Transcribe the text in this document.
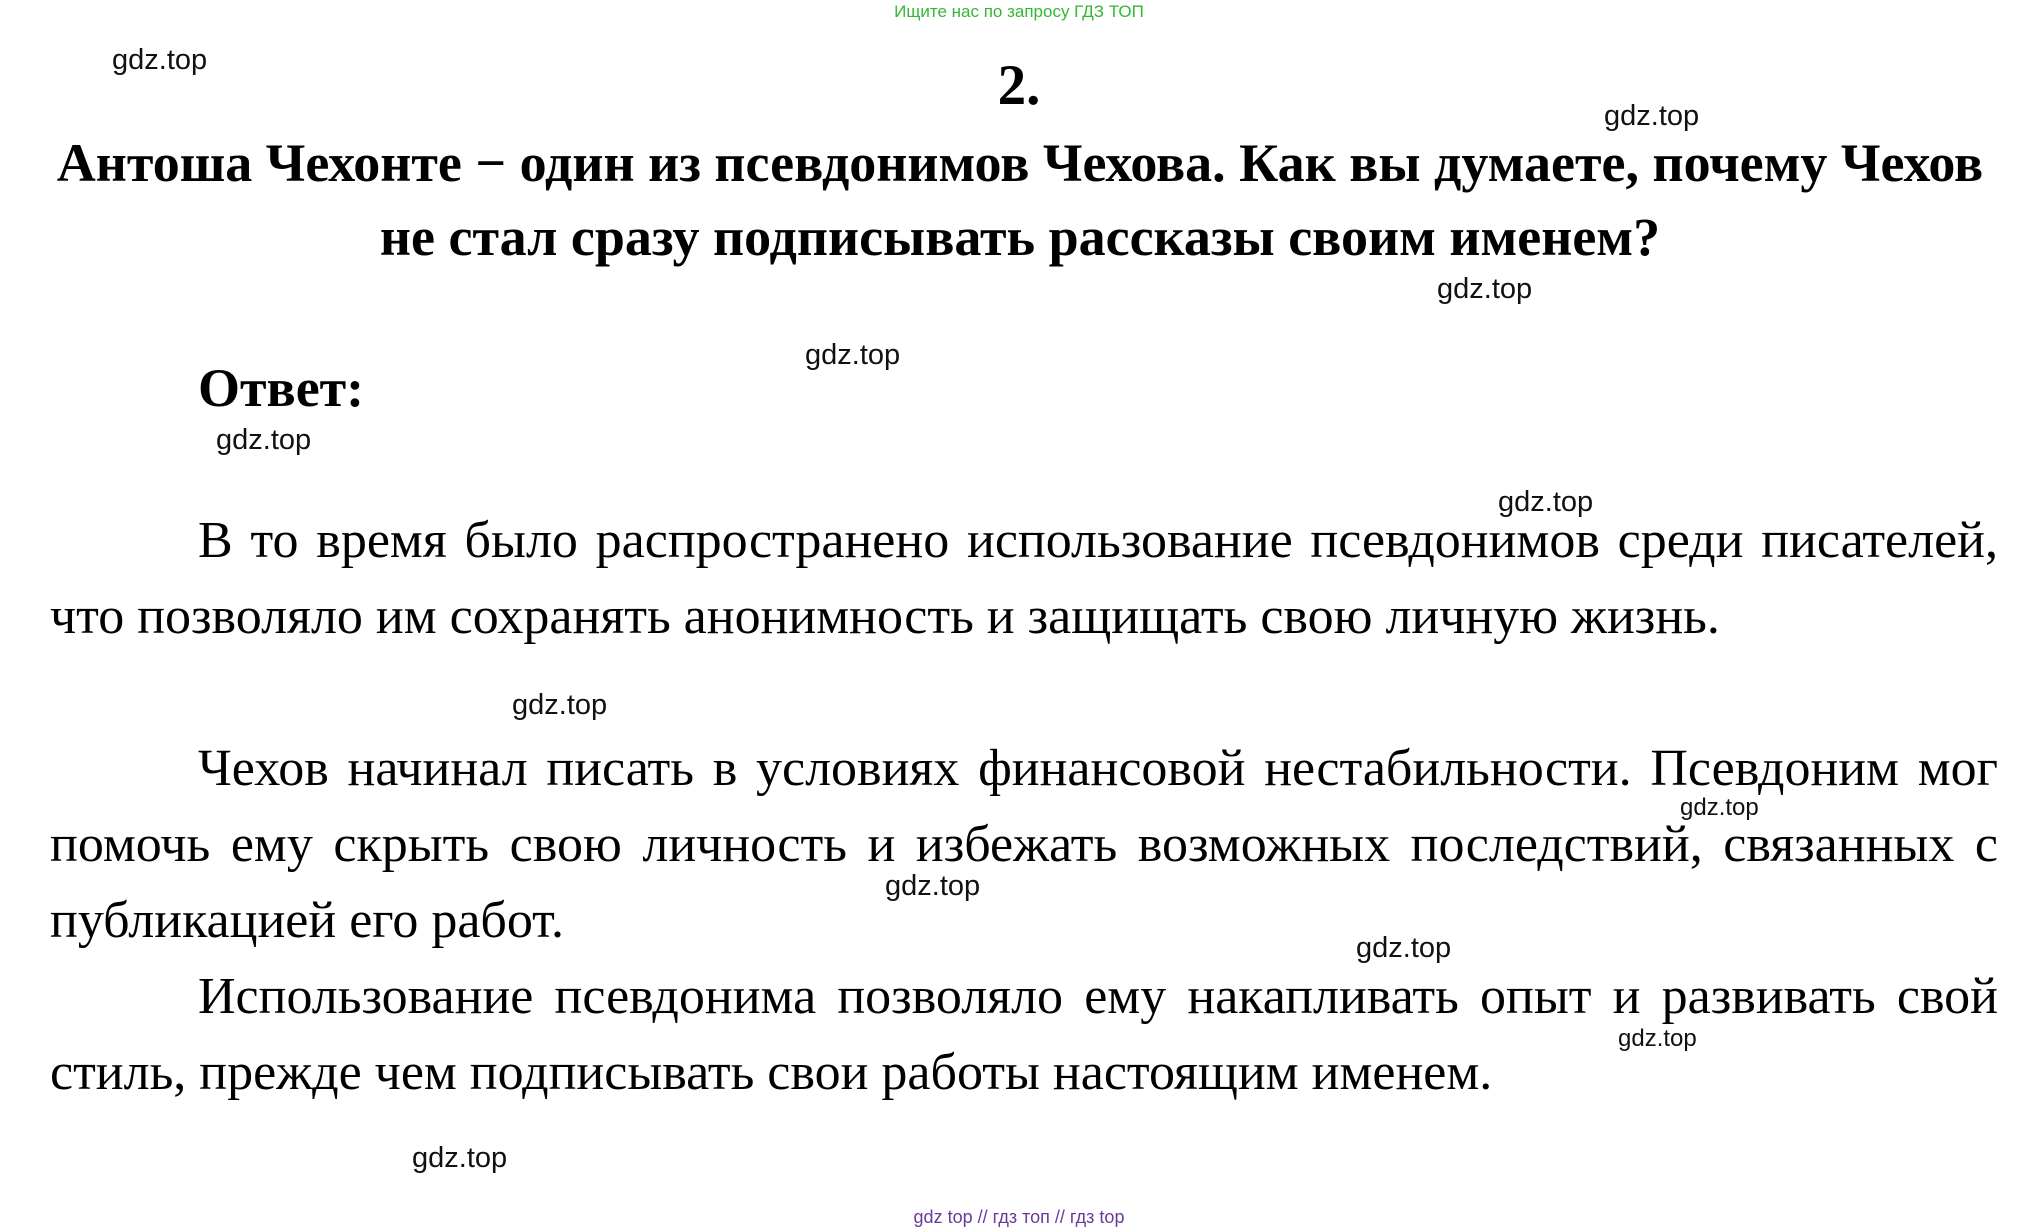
Ищите нас по запросу ГДЗ ТОП
2.
Антоша Чехонте − один из псевдонимов Чехова. Как вы думаете, почему Чехов не стал сразу подписывать рассказы своим именем?
Ответ:
В то время было распространено использование псевдонимов среди писателей, что позволяло им сохранять анонимность и защищать свою личную жизнь.
Чехов начинал писать в условиях финансовой нестабильности. Псевдоним мог помочь ему скрыть свою личность и избежать возможных последствий, связанных с публикацией его работ.
Использование псевдонима позволяло ему накапливать опыт и развивать свой стиль, прежде чем подписывать свои работы настоящим именем.
gdz.top
gdz.top
gdz.top
gdz.top
gdz.top
gdz.top
gdz.top
gdz.top
gdz.top
gdz.top
gdz.top
gdz.top
gdz top // гдз топ // гдз top
